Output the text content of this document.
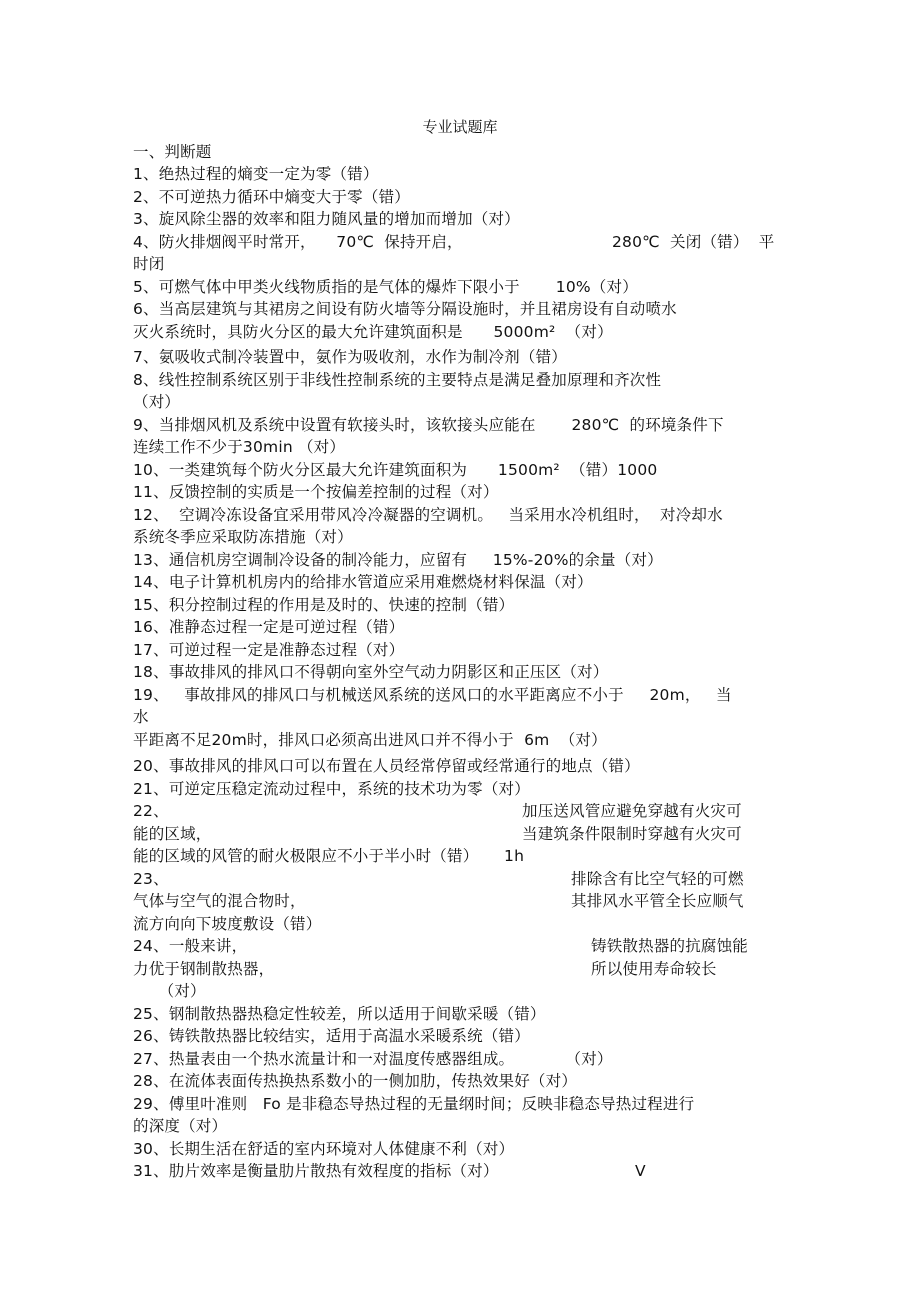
专业试题库
一、判断题
1、绝热过程的熵变一定为零（错）
2、不可逆热力循环中熵变大于零（错）
3、旋风除尘器的效率和阻力随风量的增加而增加（对）
4、防火排烟阀平时常开，    70℃  保持开启，	280℃  关闭（错）  平
时闭
5、可燃气体中甲类火线物质指的是气体的爆炸下限小于       10%（对）
6、当高层建筑与其裙房之间设有防火墙等分隔设施时，并且裙房设有自动喷水
灭火系统时，具防火分区的最大允许建筑面积是      5000m²  （对）
7、氨吸收式制冷装置中，氨作为吸收剂，水作为制冷剂（错）
8、线性控制系统区别于非线性控制系统的主要特点是满足叠加原理和齐次性
（对）
9、当排烟风机及系统中设置有软接头时，该软接头应能在       280℃  的环境条件下
连续工作不少于30min （对）
10、一类建筑每个防火分区最大允许建筑面积为      1500m²  （错）1000
11、反馈控制的实质是一个按偏差控制的过程（对）
12、  空调冷冻设备宜采用带风冷冷凝器的空调机。   当采用水冷机组时，  对冷却水
系统冬季应采取防冻措施（对）
13、通信机房空调制冷设备的制冷能力，应留有     15%-20%的余量（对）
14、电子计算机机房内的给排水管道应采用难燃烧材料保温（对）
15、积分控制过程的作用是及时的、快速的控制（错）
16、准静态过程一定是可逆过程（错）
17、可逆过程一定是准静态过程（对）
18、事故排风的排风口不得朝向室外空气动力阴影区和正压区（对）
19、   事故排风的排风口与机械送风系统的送风口的水平距离应不小于     20m，   当
水
平距离不足20m时，排风口必须高出进风口并不得小于  6m  （对）
20、事故排风的排风口可以布置在人员经常停留或经常通行的地点（错）
21、可逆定压稳定流动过程中，系统的技术功为零（对）
22、	加压送风管应避免穿越有火灾可
能的区域，	当建筑条件限制时穿越有火灾可
能的区域的风管的耐火极限应不小于半小时（错）     1h
23、	排除含有比空气轻的可燃
气体与空气的混合物时，	其排风水平管全长应顺气
流方向向下坡度敷设（错）
24、一般来讲，	铸铁散热器的抗腐蚀能
力优于钢制散热器，	所以使用寿命较长
（对）
25、钢制散热器热稳定性较差，所以适用于间歇采暖（错）
26、铸铁散热器比较结实，适用于高温水采暖系统（错）
27、热量表由一个热水流量计和一对温度传感器组成。          （对）
28、在流体表面传热换热系数小的一侧加肋，传热效果好（对）
29、傅里叶准则   Fo 是非稳态导热过程的无量纲时间；反映非稳态导热过程进行
的深度（对）
30、长期生活在舒适的室内环境对人体健康不利（对）
31、肋片效率是衡量肋片散热有效程度的指标（对）	V
